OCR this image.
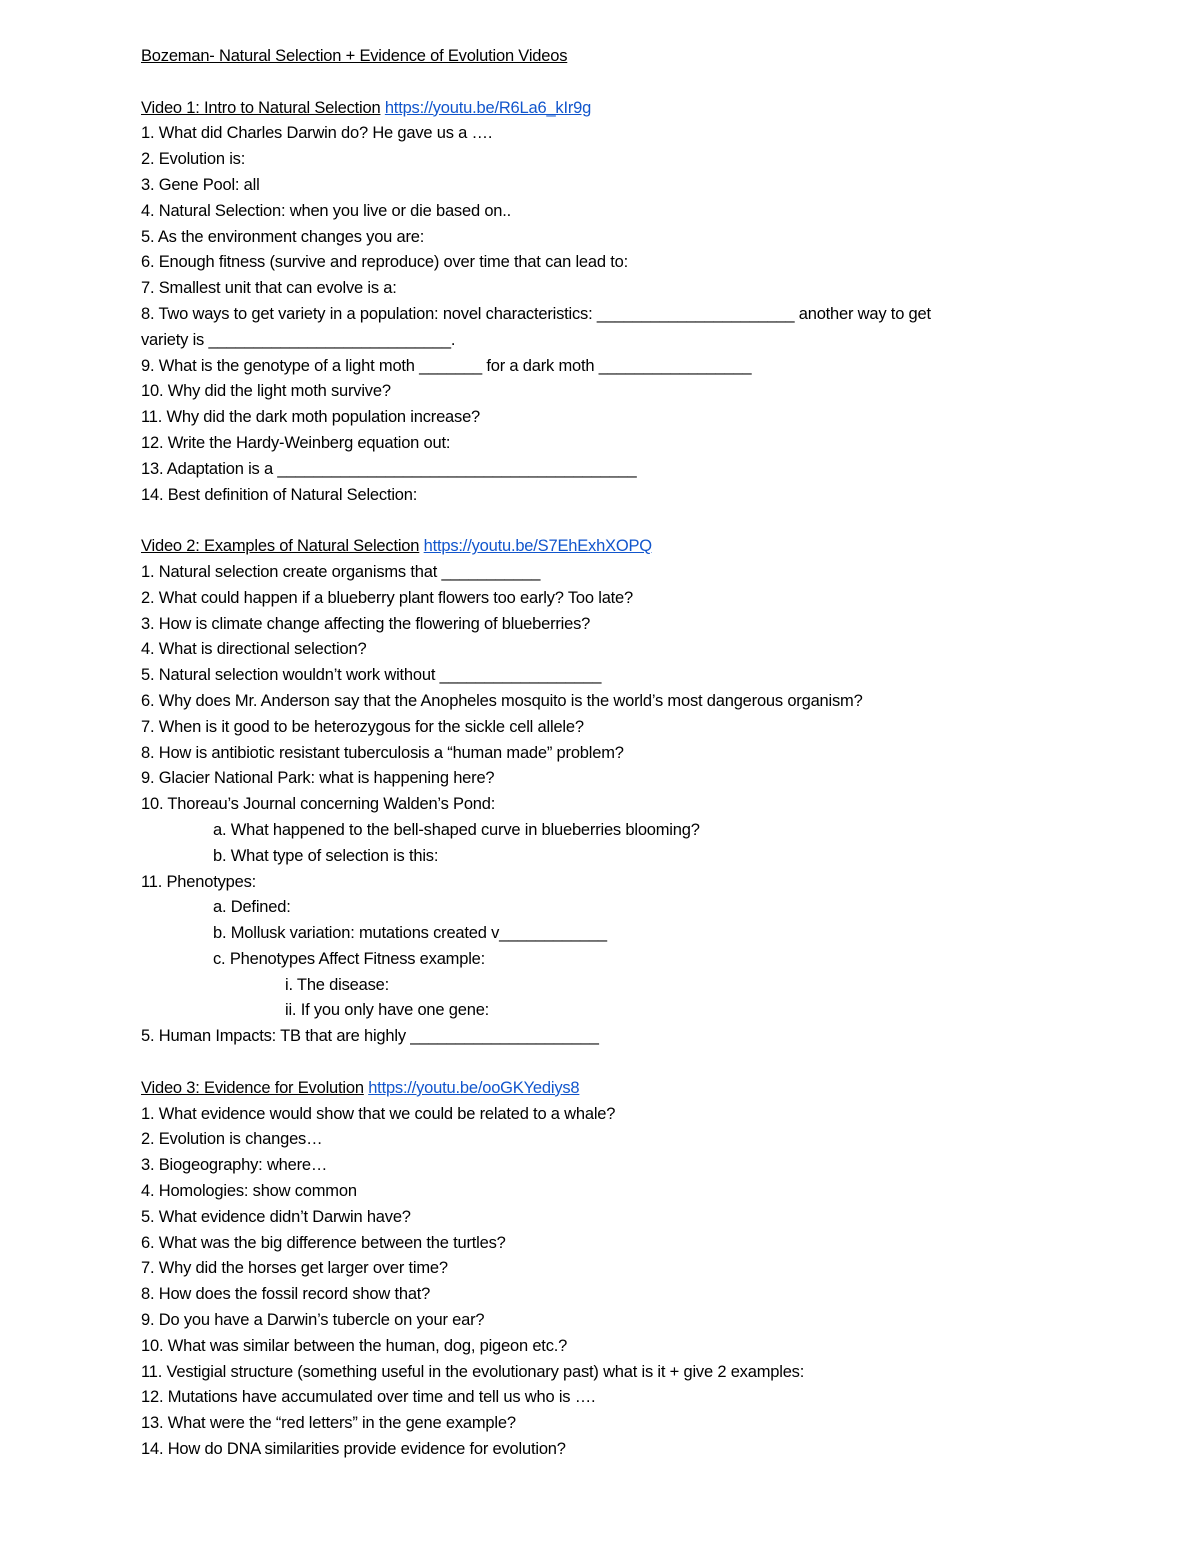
Bozeman- Natural Selection + Evidence of Evolution Videos
Video 1: Intro to Natural Selection https://youtu.be/R6La6_kIr9g
1. What did Charles Darwin do? He gave us a ….
2. Evolution is:
3. Gene Pool: all
4. Natural Selection: when you live or die based on..
5. As the environment changes you are:
6. Enough fitness (survive and reproduce) over time that can lead to:
7. Smallest unit that can evolve is a:
8. Two ways to get variety in a population: novel characteristics: ______________________ another way to get
variety is ___________________________.
9. What is the genotype of a light moth _______ for a dark moth _________________
10. Why did the light moth survive?
11. Why did the dark moth population increase?
12. Write the Hardy-Weinberg equation out:
13. Adaptation is a ________________________________________
14. Best definition of Natural Selection:
Video 2: Examples of Natural Selection https://youtu.be/S7EhExhXOPQ
1. Natural selection create organisms that ___________
2. What could happen if a blueberry plant flowers too early? Too late?
3. How is climate change affecting the flowering of blueberries?
4. What is directional selection?
5. Natural selection wouldn’t work without __________________
6. Why does Mr. Anderson say that the Anopheles mosquito is the world’s most dangerous organism?
7. When is it good to be heterozygous for the sickle cell allele?
8. How is antibiotic resistant tuberculosis a “human made” problem?
9. Glacier National Park: what is happening here?
10. Thoreau’s Journal concerning Walden’s Pond:
a. What happened to the bell-shaped curve in blueberries blooming?
b. What type of selection is this:
11. Phenotypes:
a. Defined:
b. Mollusk variation: mutations created v____________
c. Phenotypes Affect Fitness example:
i. The disease:
ii. If you only have one gene:
5. Human Impacts: TB that are highly _____________________
Video 3: Evidence for Evolution https://youtu.be/ooGKYediys8
1. What evidence would show that we could be related to a whale?
2. Evolution is changes…
3. Biogeography: where…
4. Homologies: show common
5. What evidence didn’t Darwin have?
6. What was the big difference between the turtles?
7. Why did the horses get larger over time?
8. How does the fossil record show that?
9. Do you have a Darwin’s tubercle on your ear?
10. What was similar between the human, dog, pigeon etc.?
11. Vestigial structure (something useful in the evolutionary past) what is it + give 2 examples:
12. Mutations have accumulated over time and tell us who is ….
13. What were the “red letters” in the gene example?
14. How do DNA similarities provide evidence for evolution?
